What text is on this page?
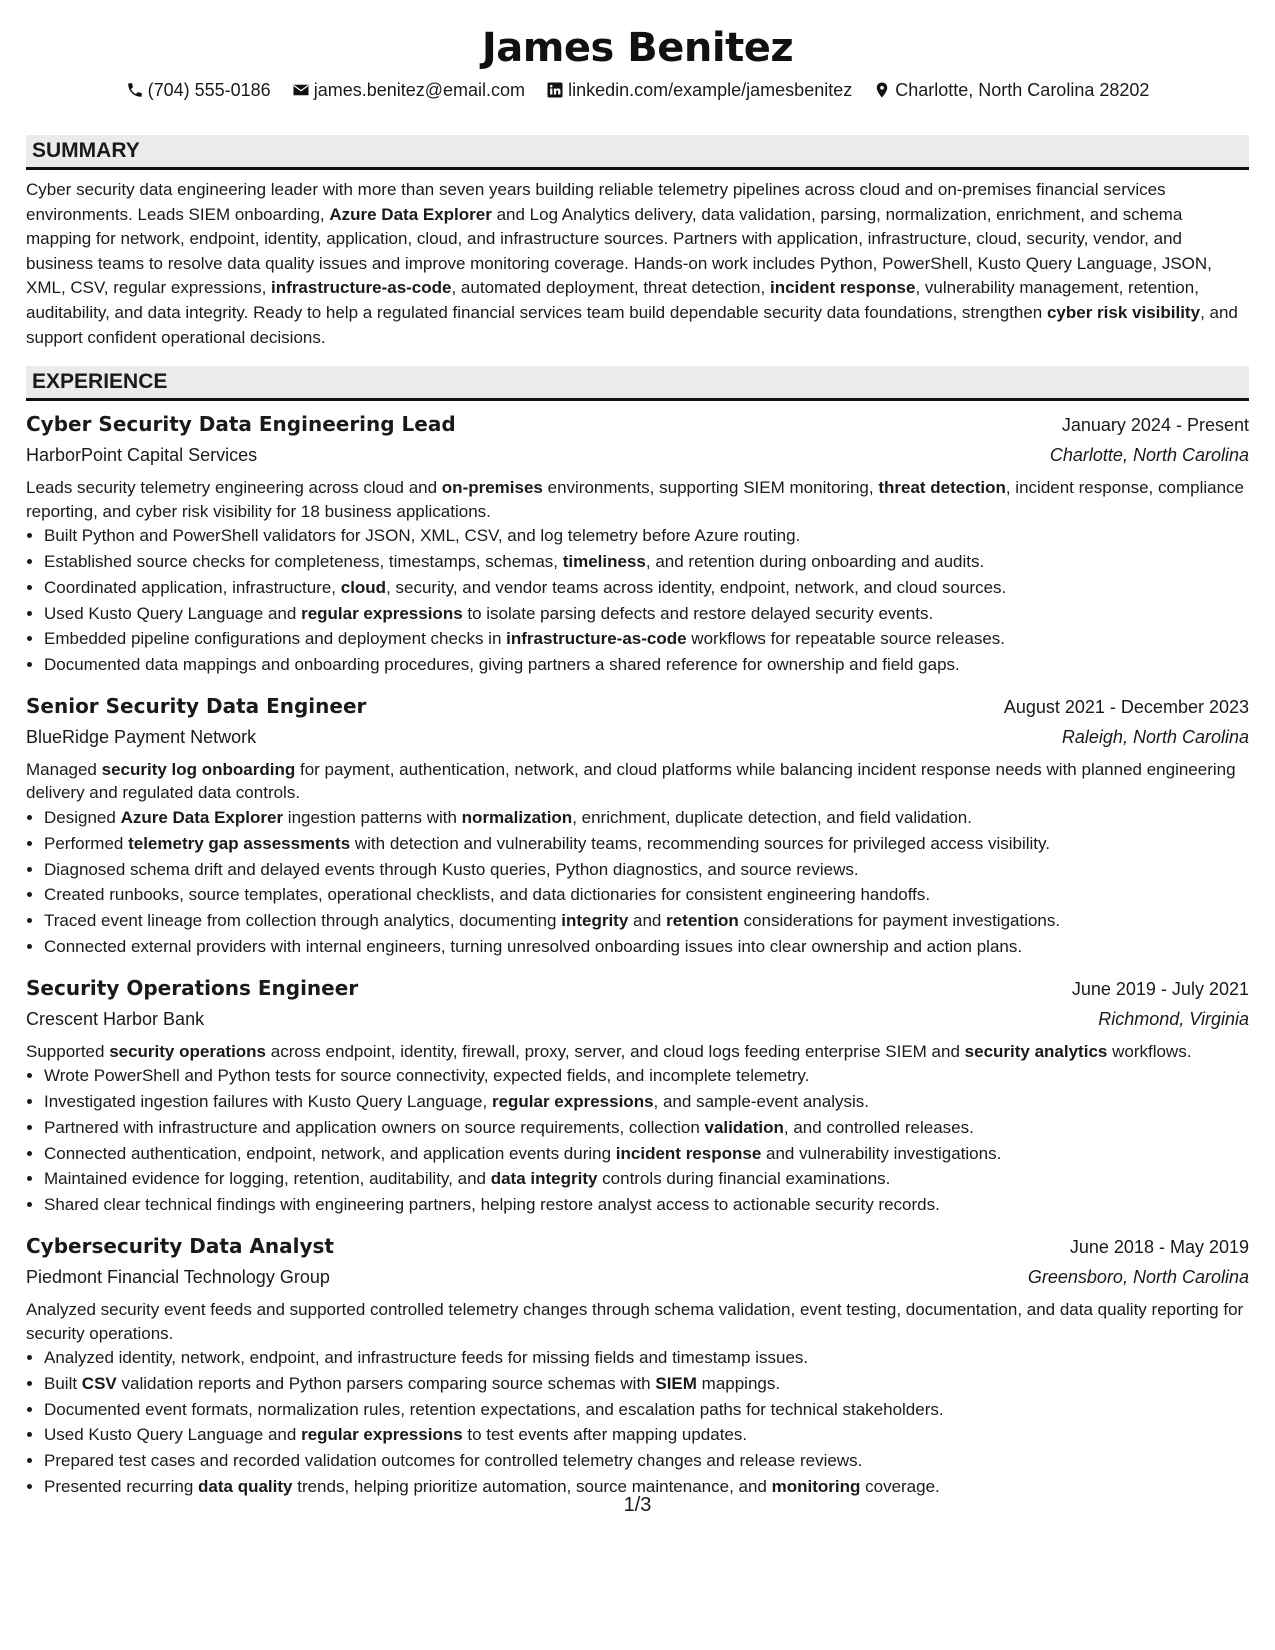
James Benitez
(704) 555-0186
james.benitez@email.com
linkedin.com/example/jamesbenitez
Charlotte, North Carolina 28202
SUMMARY
Cyber security data engineering leader with more than seven years building reliable telemetry pipelines across cloud and on-premises financial services environments. Leads SIEM onboarding, Azure Data Explorer and Log Analytics delivery, data validation, parsing, normalization, enrichment, and schema mapping for network, endpoint, identity, application, cloud, and infrastructure sources. Partners with application, infrastructure, cloud, security, vendor, and business teams to resolve data quality issues and improve monitoring coverage. Hands-on work includes Python, PowerShell, Kusto Query Language, JSON, XML, CSV, regular expressions, infrastructure-as-code, automated deployment, threat detection, incident response, vulnerability management, retention, auditability, and data integrity. Ready to help a regulated financial services team build dependable security data foundations, strengthen cyber risk visibility, and support confident operational decisions.
EXPERIENCE
Cyber Security Data Engineering Lead	January 2024 - Present
HarborPoint Capital Services	Charlotte, North Carolina
Leads security telemetry engineering across cloud and on-premises environments, supporting SIEM monitoring, threat detection, incident response, compliance reporting, and cyber risk visibility for 18 business applications.
• Built Python and PowerShell validators for JSON, XML, CSV, and log telemetry before Azure routing.
• Established source checks for completeness, timestamps, schemas, timeliness, and retention during onboarding and audits.
• Coordinated application, infrastructure, cloud, security, and vendor teams across identity, endpoint, network, and cloud sources.
• Used Kusto Query Language and regular expressions to isolate parsing defects and restore delayed security events.
• Embedded pipeline configurations and deployment checks in infrastructure-as-code workflows for repeatable source releases.
• Documented data mappings and onboarding procedures, giving partners a shared reference for ownership and field gaps.
Senior Security Data Engineer	August 2021 - December 2023
BlueRidge Payment Network	Raleigh, North Carolina
Managed security log onboarding for payment, authentication, network, and cloud platforms while balancing incident response needs with planned engineering delivery and regulated data controls.
• Designed Azure Data Explorer ingestion patterns with normalization, enrichment, duplicate detection, and field validation.
• Performed telemetry gap assessments with detection and vulnerability teams, recommending sources for privileged access visibility.
• Diagnosed schema drift and delayed events through Kusto queries, Python diagnostics, and source reviews.
• Created runbooks, source templates, operational checklists, and data dictionaries for consistent engineering handoffs.
• Traced event lineage from collection through analytics, documenting integrity and retention considerations for payment investigations.
• Connected external providers with internal engineers, turning unresolved onboarding issues into clear ownership and action plans.
Security Operations Engineer	June 2019 - July 2021
Crescent Harbor Bank	Richmond, Virginia
Supported security operations across endpoint, identity, firewall, proxy, server, and cloud logs feeding enterprise SIEM and security analytics workflows.
• Wrote PowerShell and Python tests for source connectivity, expected fields, and incomplete telemetry.
• Investigated ingestion failures with Kusto Query Language, regular expressions, and sample-event analysis.
• Partnered with infrastructure and application owners on source requirements, collection validation, and controlled releases.
• Connected authentication, endpoint, network, and application events during incident response and vulnerability investigations.
• Maintained evidence for logging, retention, auditability, and data integrity controls during financial examinations.
• Shared clear technical findings with engineering partners, helping restore analyst access to actionable security records.
Cybersecurity Data Analyst	June 2018 - May 2019
Piedmont Financial Technology Group	Greensboro, North Carolina
Analyzed security event feeds and supported controlled telemetry changes through schema validation, event testing, documentation, and data quality reporting for security operations.
• Analyzed identity, network, endpoint, and infrastructure feeds for missing fields and timestamp issues.
• Built CSV validation reports and Python parsers comparing source schemas with SIEM mappings.
• Documented event formats, normalization rules, retention expectations, and escalation paths for technical stakeholders.
• Used Kusto Query Language and regular expressions to test events after mapping updates.
• Prepared test cases and recorded validation outcomes for controlled telemetry changes and release reviews.
• Presented recurring data quality trends, helping prioritize automation, source maintenance, and monitoring coverage.
1/3
